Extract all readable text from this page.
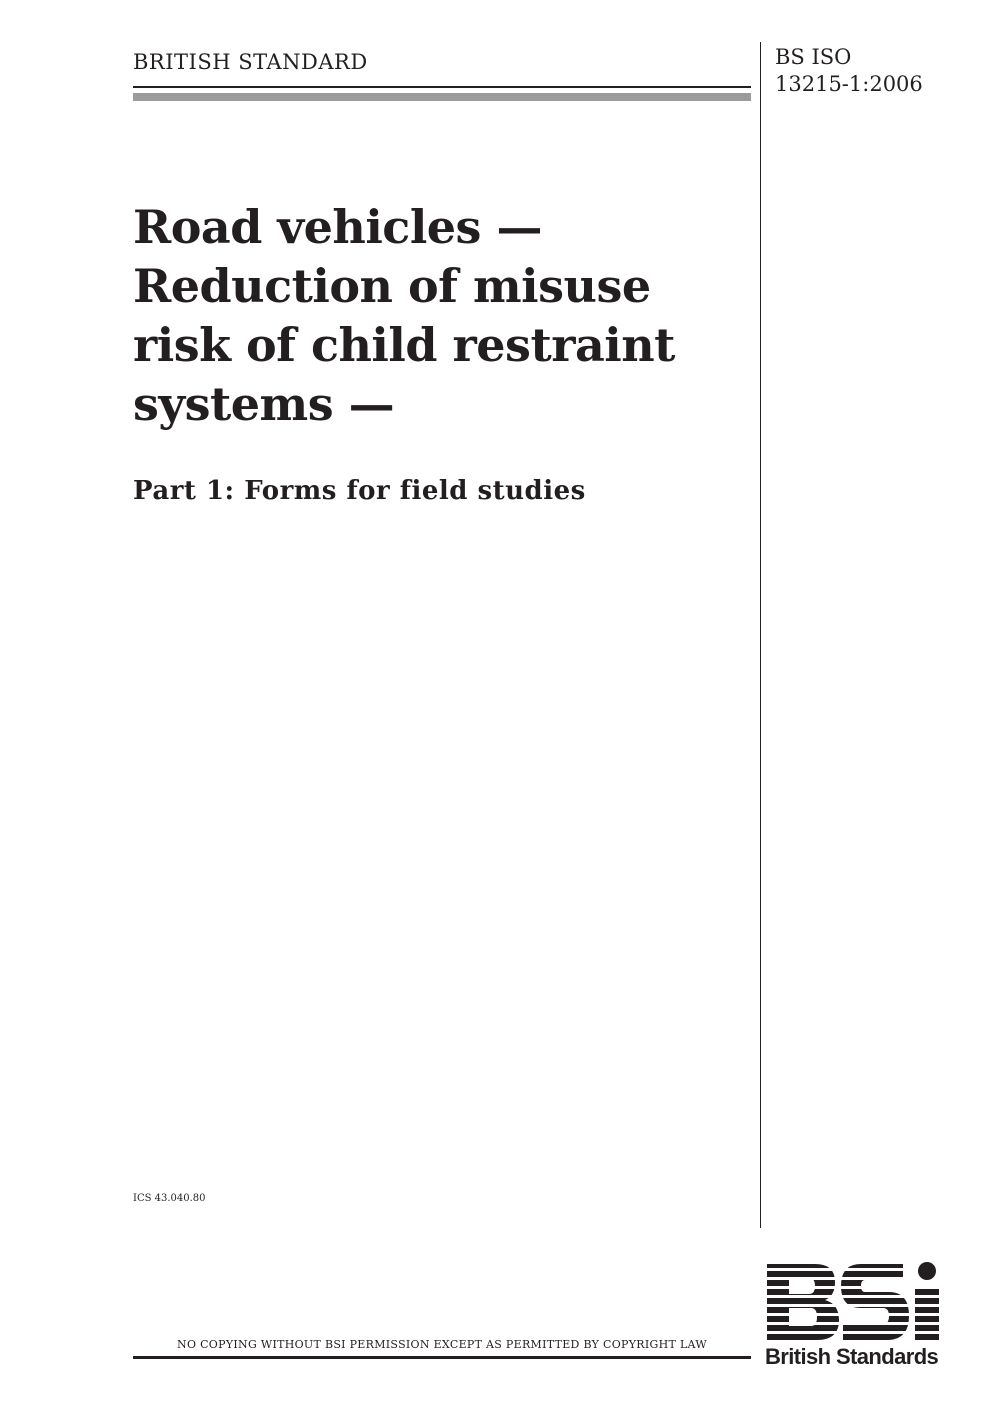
BRITISH STANDARD	BS ISO
13215-1:2006
Road vehicles —
Reduction of misuse
risk of child restraint
systems —
Part 1: Forms for field studies
ICS 43.040.80
NO COPYING WITHOUT BSI PERMISSION EXCEPT AS PERMITTED BY COPYRIGHT LAW	British Standards
